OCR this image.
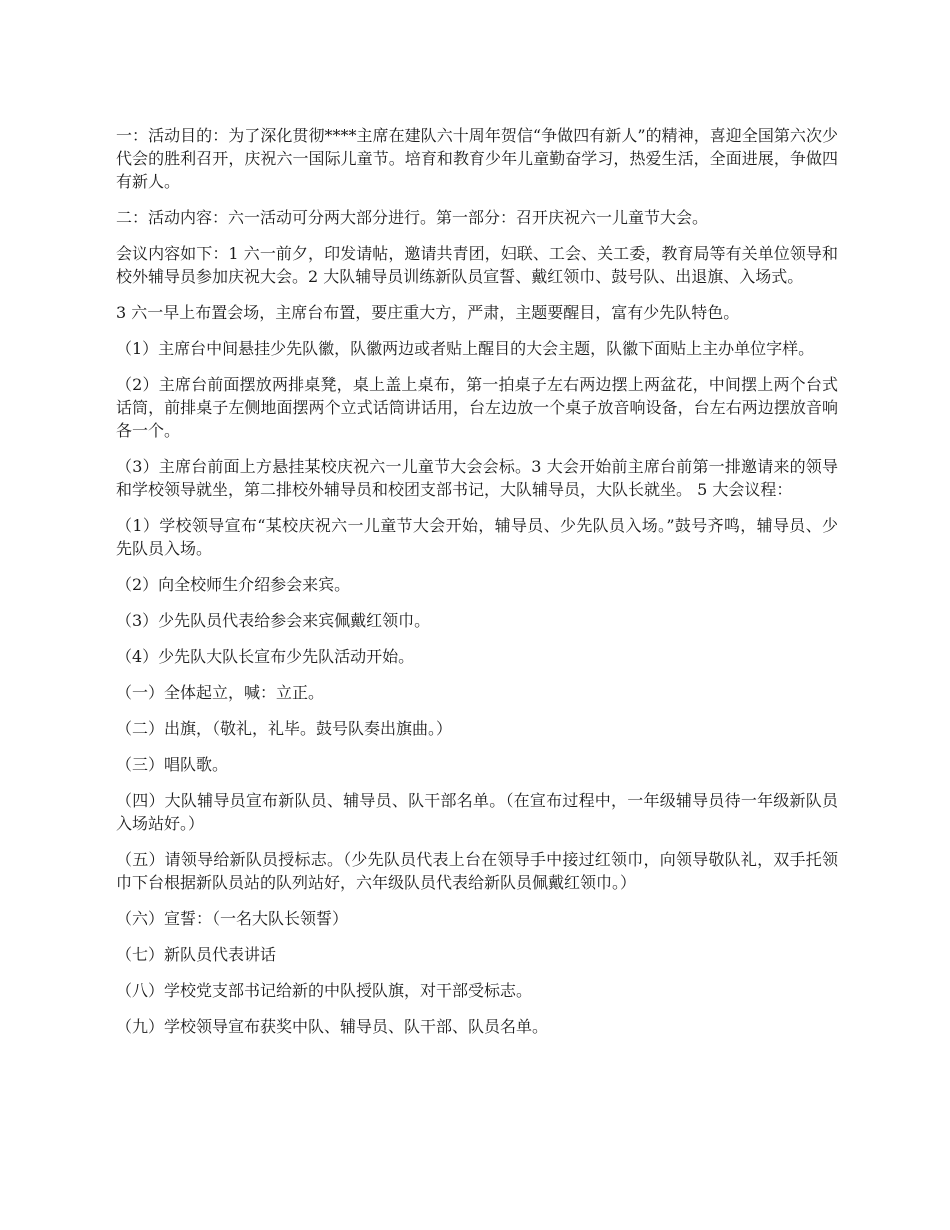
一：活动目的：为了深化贯彻****主席在建队六十周年贺信“争做四有新人”的精神，喜迎全国第六次少代会的胜利召开，庆祝六一国际儿童节。培育和教育少年儿童勤奋学习，热爱生活，全面进展，争做四有新人。

二：活动内容：六一活动可分两大部分进行。第一部分：召开庆祝六一儿童节大会。

会议内容如下：1 六一前夕，印发请帖，邀请共青团，妇联、工会、关工委，教育局等有关单位领导和校外辅导员参加庆祝大会。2 大队辅导员训练新队员宣誓、戴红领巾、鼓号队、出退旗、入场式。

3 六一早上布置会场，主席台布置，要庄重大方，严肃，主题要醒目，富有少先队特色。

（1）主席台中间悬挂少先队徽，队徽两边或者贴上醒目的大会主题，队徽下面贴上主办单位字样。

（2）主席台前面摆放两排桌凳，桌上盖上桌布，第一拍桌子左右两边摆上两盆花，中间摆上两个台式话筒，前排桌子左侧地面摆两个立式话筒讲话用，台左边放一个桌子放音响设备，台左右两边摆放音响各一个。

（3）主席台前面上方悬挂某校庆祝六一儿童节大会会标。3 大会开始前主席台前第一排邀请来的领导和学校领导就坐，第二排校外辅导员和校团支部书记，大队辅导员，大队长就坐。 5 大会议程：

（1）学校领导宣布“某校庆祝六一儿童节大会开始，辅导员、少先队员入场。”鼓号齐鸣，辅导员、少先队员入场。

（2）向全校师生介绍参会来宾。

（3）少先队员代表给参会来宾佩戴红领巾。

（4）少先队大队长宣布少先队活动开始。

（一）全体起立，喊：立正。

（二）出旗，（敬礼，礼毕。鼓号队奏出旗曲。）

（三）唱队歌。

（四）大队辅导员宣布新队员、辅导员、队干部名单。（在宣布过程中，一年级辅导员待一年级新队员入场站好。）

（五）请领导给新队员授标志。（少先队员代表上台在领导手中接过红领巾，向领导敬队礼，双手托领巾下台根据新队员站的队列站好，六年级队员代表给新队员佩戴红领巾。）

（六）宣誓：（一名大队长领誓）

（七）新队员代表讲话

（八）学校党支部书记给新的中队授队旗，对干部受标志。

（九）学校领导宣布获奖中队、辅导员、队干部、队员名单。
